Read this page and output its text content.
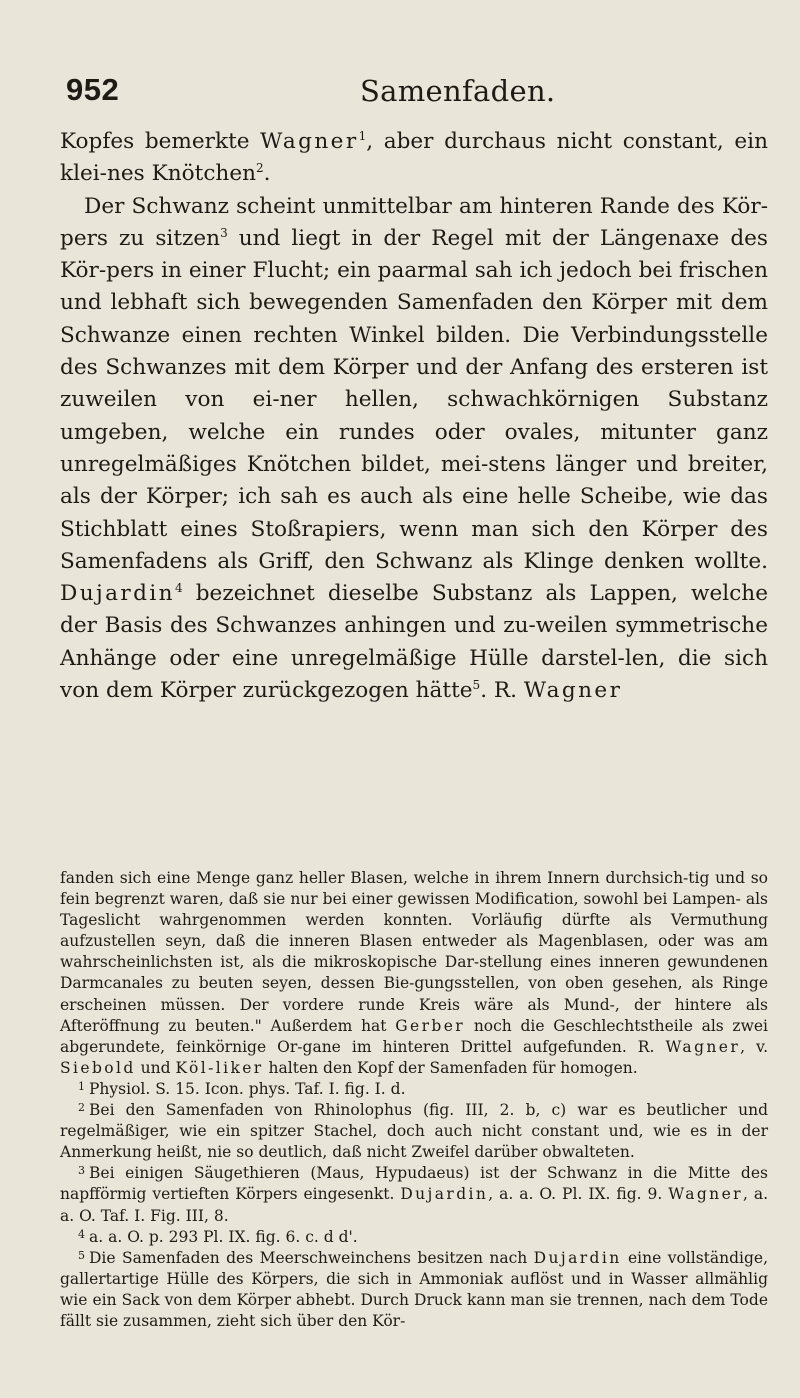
952	Samenfaden.

Kopfes bemerkte Wagner$^1$, aber durchaus nicht constant, ein klei-nes Knötchen$^2$.

Der Schwanz scheint unmittelbar am hinteren Rande des Kör-pers zu sitzen$^3$ und liegt in der Regel mit der Längenaxe des Kör-pers in einer Flucht; ein paarmal sah ich jedoch bei frischen und lebhaft sich bewegenden Samenfaden den Körper mit dem Schwanze einen rechten Winkel bilden. Die Verbindungsstelle des Schwanzes mit dem Körper und der Anfang des ersteren ist zuweilen von ei-ner hellen, schwachkörnigen Substanz umgeben, welche ein rundes oder ovales, mitunter ganz unregelmäßiges Knötchen bildet, mei-stens länger und breiter, als der Körper; ich sah es auch als eine helle Scheibe, wie das Stichblatt eines Stoßrapiers, wenn man sich den Körper des Samenfadens als Griff, den Schwanz als Klinge denken wollte. Dujardin$^4$ bezeichnet dieselbe Substanz als Lappen, welche der Basis des Schwanzes anhingen und zu-weilen symmetrische Anhänge oder eine unregelmäßige Hülle darstel-len, die sich von dem Körper zurückgezogen hätte$^5$. R. Wagner

fanden sich eine Menge ganz heller Blasen, welche in ihrem Innern durchsich-tig und so fein begrenzt waren, daß sie nur bei einer gewissen Modification, sowohl bei Lampen- als Tageslicht wahrgenommen werden konnten. Vorläufig dürfte als Vermuthung aufzustellen seyn, daß die inneren Blasen entweder als Magenblasen, oder was am wahrscheinlichsten ist, als die mikroskopische Dar-stellung eines inneren gewundenen Darmcanales zu beuten seyen, dessen Bie-gungsstellen, von oben gesehen, als Ringe erscheinen müssen. Der vordere runde Kreis wäre als Mund-, der hintere als Afteröffnung zu beuten." Außerdem hat Gerber noch die Geschlechtstheile als zwei abgerundete, feinkörnige Or-gane im hinteren Drittel aufgefunden. R. Wagner, v. Siebold und Köl-liker halten den Kopf der Samenfaden für homogen.

$^1$ Physiol. S. 15. Icon. phys. Taf. I. fig. I. d.

$^2$ Bei den Samenfaden von Rhinolophus (fig. III, 2. b, c) war es beutlicher und regelmäßiger, wie ein spitzer Stachel, doch auch nicht constant und, wie es in der Anmerkung heißt, nie so deutlich, daß nicht Zweifel darüber obwalteten.

$^3$ Bei einigen Säugethieren (Maus, Hypudaeus) ist der Schwanz in die Mitte des napfförmig vertieften Körpers eingesenkt. Dujardin, a. a. O. Pl. IX. fig. 9. Wagner, a. a. O. Taf. I. Fig. III, 8.

$^4$ a. a. O. p. 293 Pl. IX. fig. 6. c. d d'.

$^5$ Die Samenfaden des Meerschweinchens besitzen nach Dujardin eine vollständige, gallertartige Hülle des Körpers, die sich in Ammoniak auflöst und in Wasser allmählig wie ein Sack von dem Körper abhebt. Durch Druck kann man sie trennen, nach dem Tode fällt sie zusammen, zieht sich über den Kör-
